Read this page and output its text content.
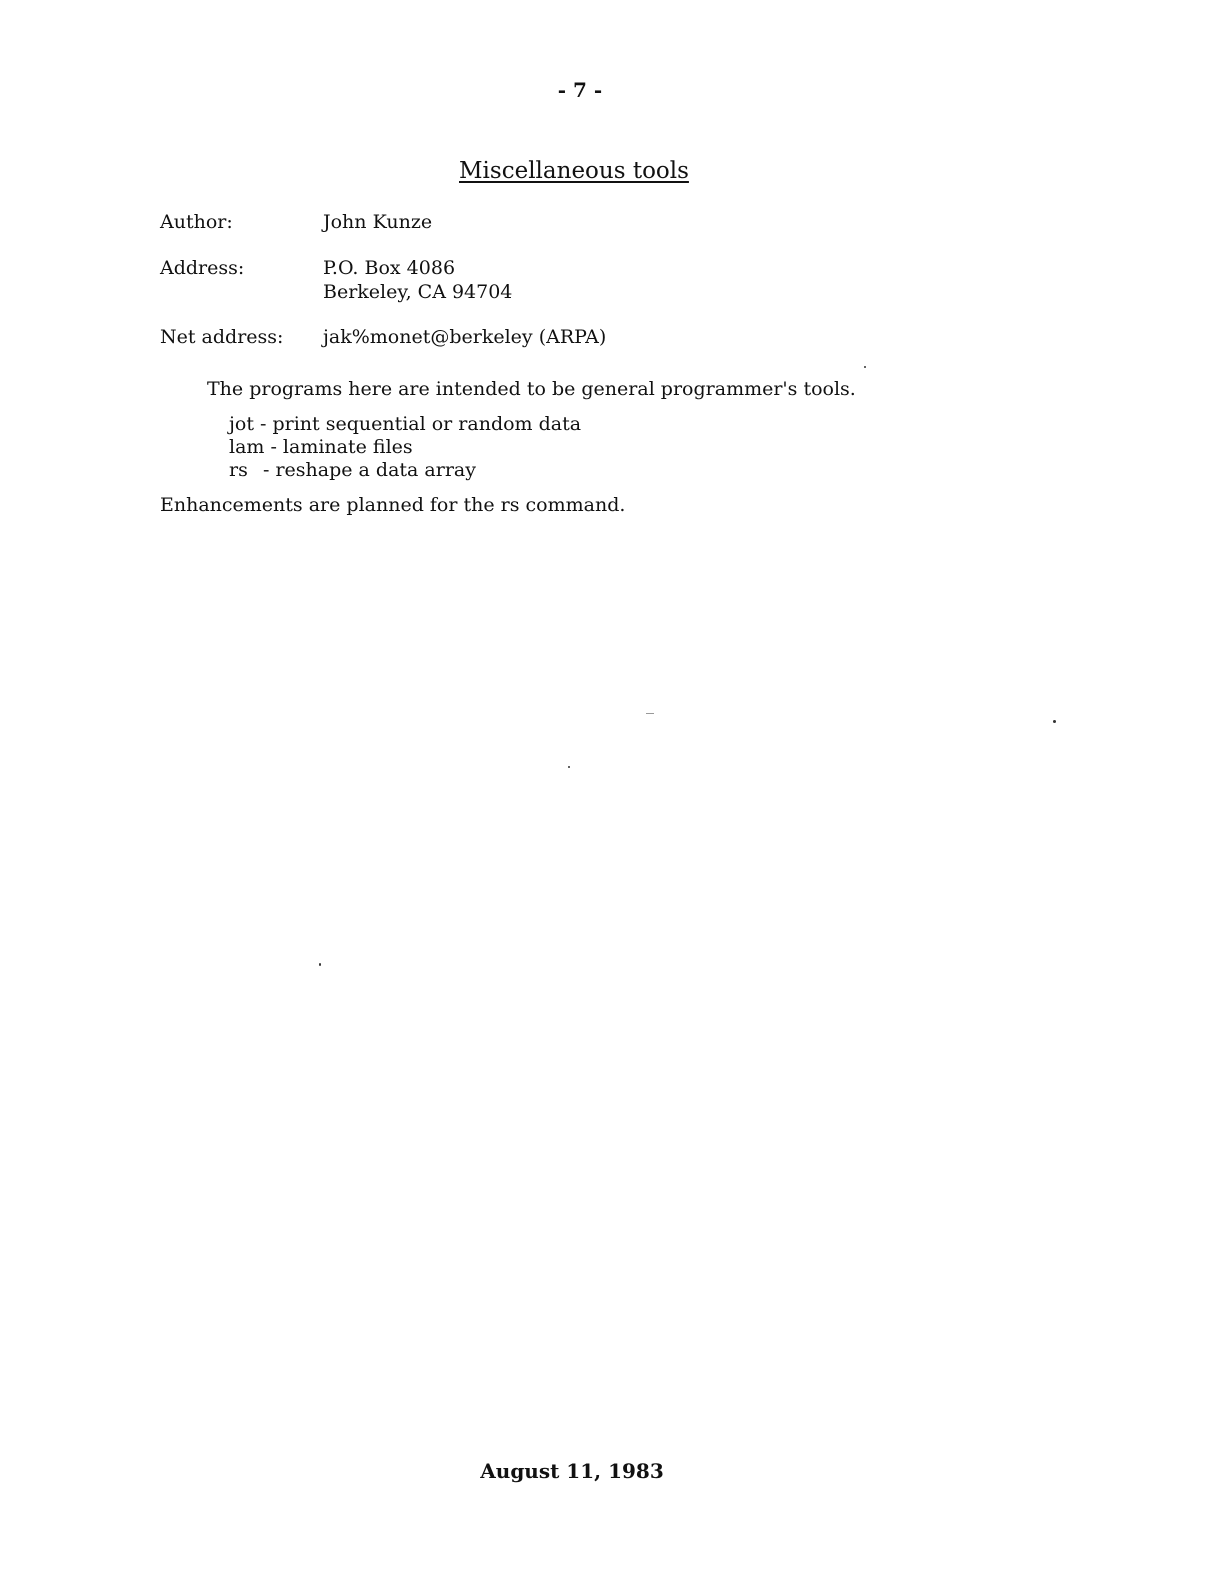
- 7 -
Miscellaneous tools
Author:	John Kunze
Address:	P.O. Box 4086
Berkeley, CA 94704
Net address: jak%monet@berkeley (ARPA)
The programs here are intended to be general programmer's tools.
jot - print sequential or random data
lam - laminate files
rs - reshape a data array
Enhancements are planned for the rs command.
August 11, 1983
